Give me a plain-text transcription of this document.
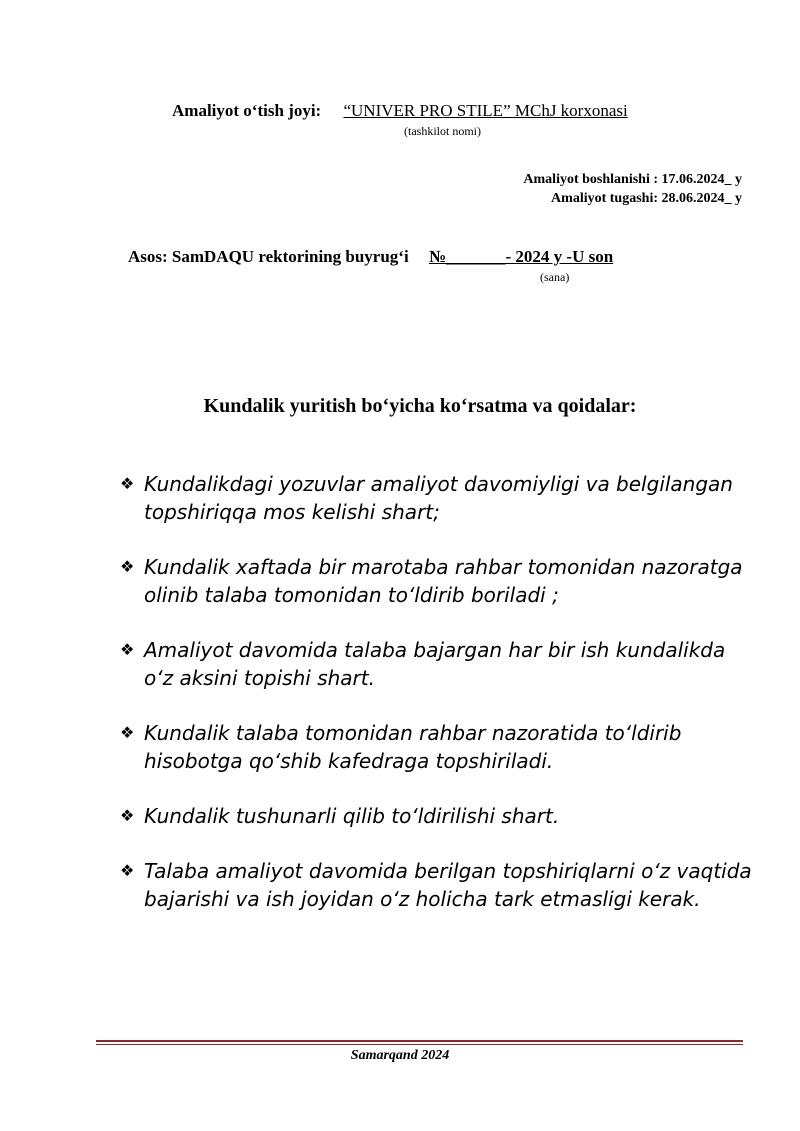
Amaliyot o‘tish joyi: “UNIVER PRO STILE” MChJ korxonasi
(tashkilot nomi)
Amaliyot boshlanishi : 17.06.2024_ y
Amaliyot tugashi: 28.06.2024_ y
Asos: SamDAQU rektorining buyrug‘i №_______- 2024 y -U son
(sana)
Kundalik yuritish bo‘yicha ko‘rsatma va qoidalar:
❖ Kundalikdagi yozuvlar amaliyot davomiyligi va belgilangan topshiriqqa mos kelishi shart;
❖ Kundalik xaftada bir marotaba rahbar tomonidan nazoratga olinib talaba tomonidan to‘ldirib boriladi ;
❖ Amaliyot davomida talaba bajargan har bir ish kundalikda o‘z aksini topishi shart.
❖ Kundalik talaba tomonidan rahbar nazoratida to‘ldirib hisobotga qo‘shib kafedraga topshiriladi.
❖ Kundalik tushunarli qilib to‘ldirilishi shart.
❖ Talaba amaliyot davomida berilgan topshiriqlarni o‘z vaqtida bajarishi va ish joyidan o‘z holicha tark etmasligi kerak.
Samarqand 2024
